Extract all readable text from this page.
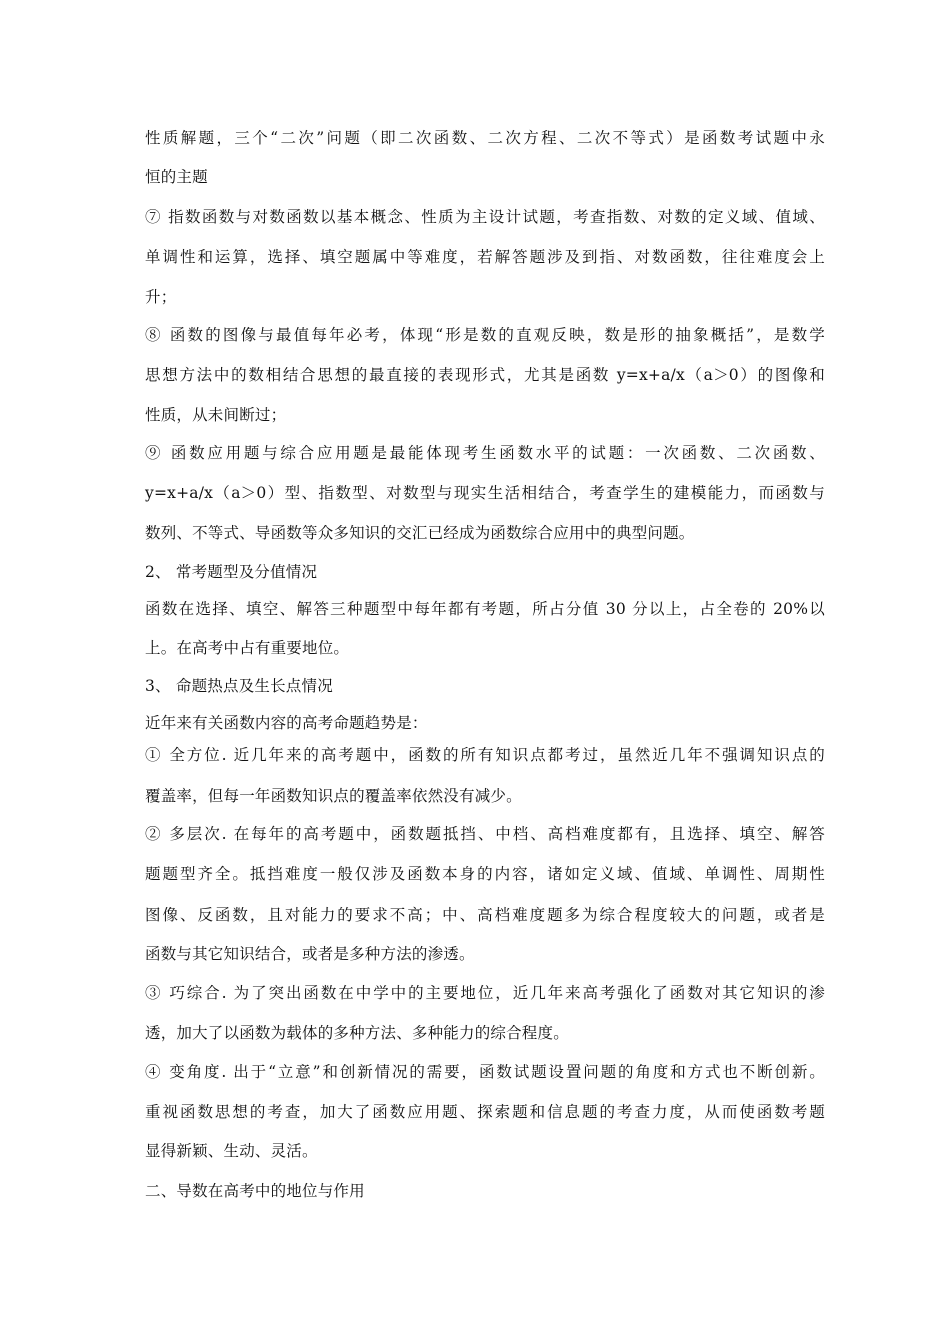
性质解题，三个“二次”问题（即二次函数、二次方程、二次不等式）是函数考试题中永
恒的主题
⑦ 指数函数与对数函数以基本概念、性质为主设计试题，考查指数、对数的定义域、值域、
单调性和运算，选择、填空题属中等难度，若解答题涉及到指、对数函数，往往难度会上
升；
⑧ 函数的图像与最值每年必考，体现“形是数的直观反映，数是形的抽象概括”，是数学
思想方法中的数相结合思想的最直接的表现形式，尤其是函数 y=x+a/x（a＞0）的图像和
性质，从未间断过；
⑨ 函数应用题与综合应用题是最能体现考生函数水平的试题：一次函数、二次函数、
y=x+a/x（a＞0）型、指数型、对数型与现实生活相结合，考查学生的建模能力，而函数与
数列、不等式、导函数等众多知识的交汇已经成为函数综合应用中的典型问题。
2、 常考题型及分值情况
函数在选择、填空、解答三种题型中每年都有考题，所占分值 30 分以上，占全卷的 20%以
上。在高考中占有重要地位。
3、 命题热点及生长点情况
近年来有关函数内容的高考命题趋势是：
① 全方位. 近几年来的高考题中，函数的所有知识点都考过，虽然近几年不强调知识点的
覆盖率，但每一年函数知识点的覆盖率依然没有减少。
② 多层次. 在每年的高考题中，函数题抵挡、中档、高档难度都有，且选择、填空、解答
题题型齐全。抵挡难度一般仅涉及函数本身的内容，诸如定义域、值域、单调性、周期性
图像、反函数，且对能力的要求不高；中、高档难度题多为综合程度较大的问题，或者是
函数与其它知识结合，或者是多种方法的渗透。
③ 巧综合. 为了突出函数在中学中的主要地位，近几年来高考强化了函数对其它知识的渗
透，加大了以函数为载体的多种方法、多种能力的综合程度。
④ 变角度. 出于“立意”和创新情况的需要，函数试题设置问题的角度和方式也不断创新。
重视函数思想的考查，加大了函数应用题、探索题和信息题的考查力度，从而使函数考题
显得新颖、生动、灵活。
二、导数在高考中的地位与作用
